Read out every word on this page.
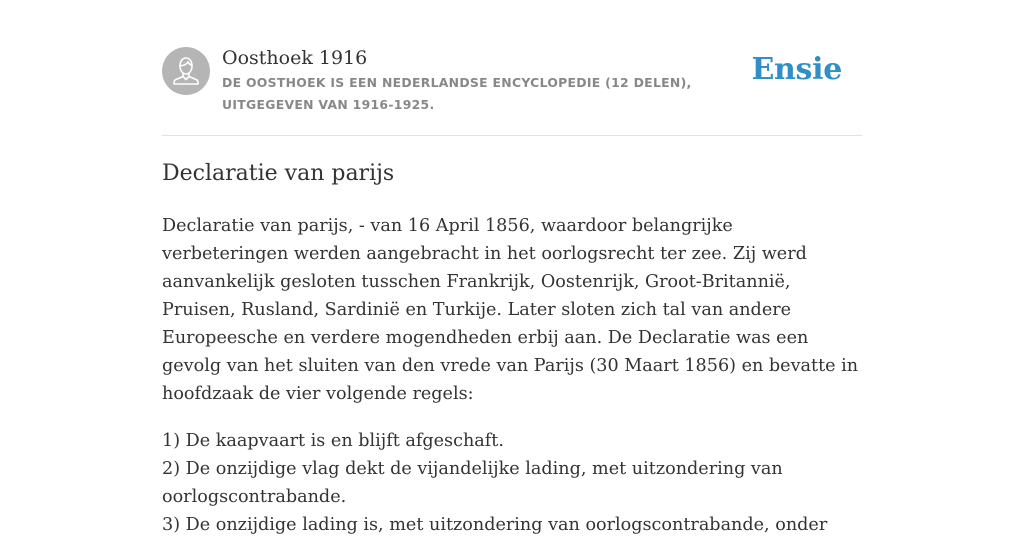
Oosthoek 1916
DE OOSTHOEK IS EEN NEDERLANDSE ENCYCLOPEDIE (12 DELEN), UITGEGEVEN VAN 1916-1925.
Ensie
Declaratie van parijs

Declaratie van parijs, - van 16 April 1856, waardoor belangrijke verbeteringen werden aangebracht in het oorlogsrecht ter zee. Zij werd aanvankelijk gesloten tusschen Frankrijk, Oostenrijk, Groot-Britannië, Pruisen, Rusland, Sardinië en Turkije. Later sloten zich tal van andere Europeesche en verdere mogendheden erbij aan. De Declaratie was een gevolg van het sluiten van den vrede van Parijs (30 Maart 1856) en bevatte in hoofdzaak de vier volgende regels:

1) De kaapvaart is en blijft afgeschaft.
2) De onzijdige vlag dekt de vijandelijke lading, met uitzondering van oorlogscontrabande.
3) De onzijdige lading is, met uitzondering van oorlogscontrabande, onder
